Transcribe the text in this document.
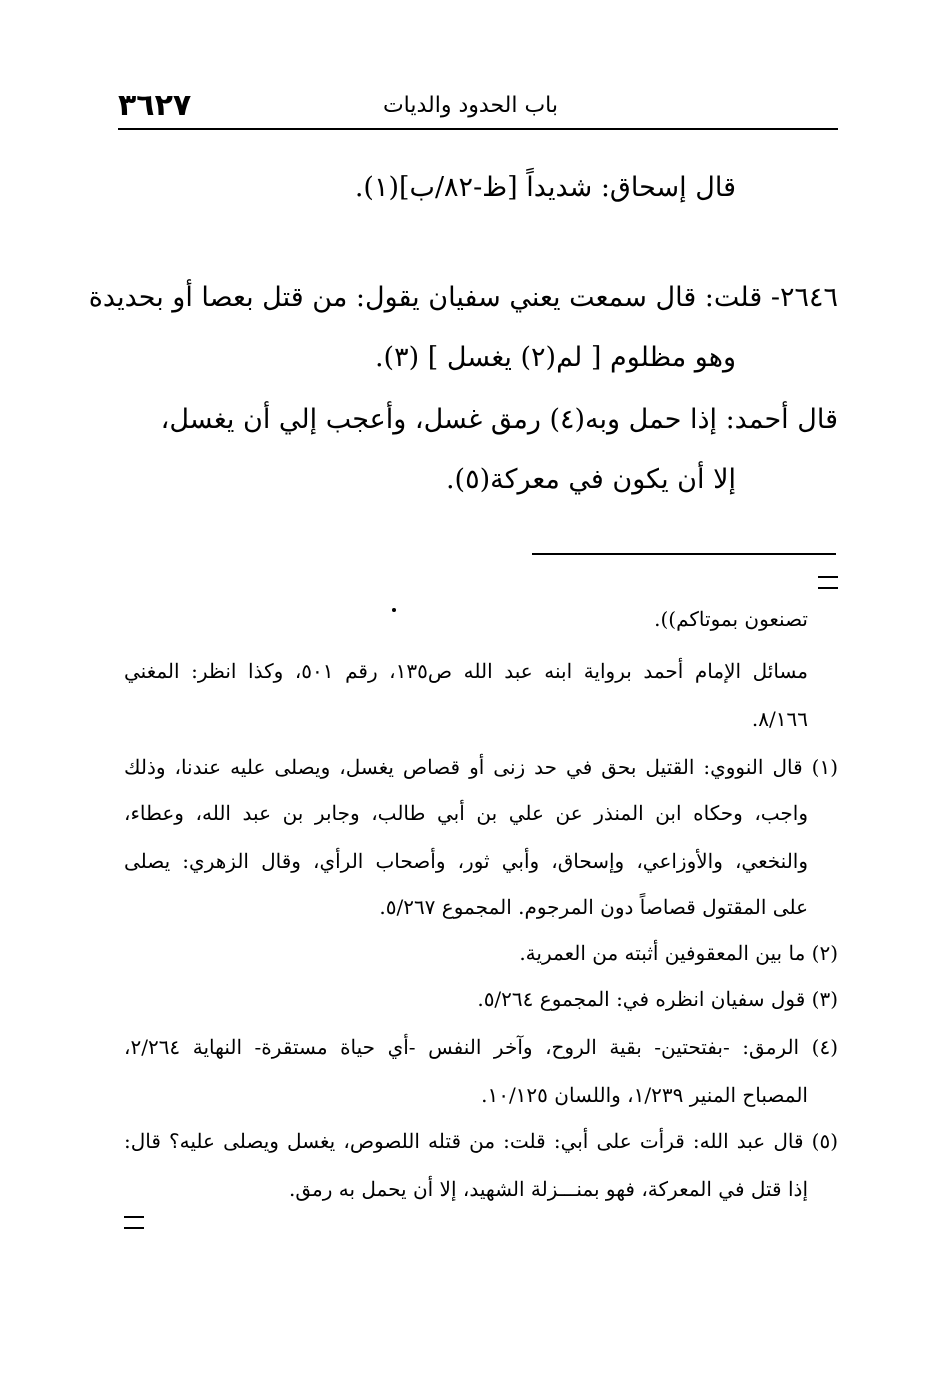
٣٦٢٧	باب الحدود والديات
قال إسحاق: شديداً [ظ-٨٢/ب](١).
٢٦٤٦- قلت: قال سمعت يعني سفيان يقول: من قتل بعصا أو بحديدة
وهو مظلوم [ لم(٢) يغسل ] (٣).
قال أحمد: إذا حمل وبه(٤) رمق غسل، وأعجب إلي أن يغسل،
إلا أن يكون في معركة(٥).
تصنعون بموتاكم)).
مسائل الإمام أحمد برواية ابنه عبد الله ص١٣٥، رقم ٥٠١، وكذا انظر: المغني
٨/١٦٦.
(١) قال النووي: القتيل بحق في حد زنى أو قصاص يغسل، ويصلى عليه عندنا، وذلك
واجب، وحكاه ابن المنذر عن علي بن أبي طالب، وجابر بن عبد الله، وعطاء،
والنخعي، والأوزاعي، وإسحاق، وأبي ثور، وأصحاب الرأي، وقال الزهري: يصلى
على المقتول قصاصاً دون المرجوم. المجموع ٥/٢٦٧.
(٢) ما بين المعقوفين أثبته من العمرية.
(٣) قول سفيان انظره في: المجموع ٥/٢٦٤.
(٤) الرمق: -بفتحتين- بقية الروح، وآخر النفس -أي حياة مستقرة- النهاية ٢/٢٦٤،
المصباح المنير ١/٢٣٩، واللسان ١٠/١٢٥.
(٥) قال عبد الله: قرأت على أبي: قلت: من قتله اللصوص، يغسل ويصلى عليه؟ قال:
إذا قتل في المعركة، فهو بمنـــزلة الشهيد، إلا أن يحمل به رمق.
